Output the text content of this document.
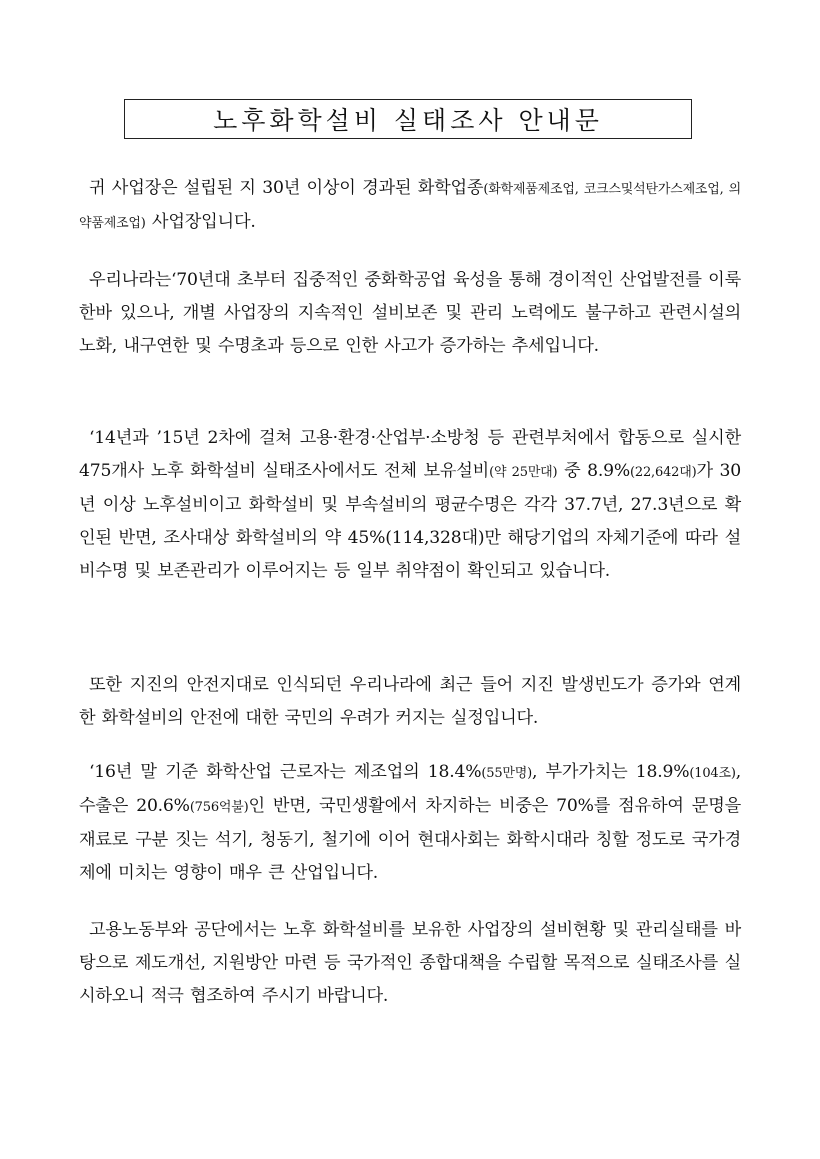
노후화학설비 실태조사 안내문

귀 사업장은 설립된 지 30년 이상이 경과된 화학업종(화학제품제조업, 코크스및석탄가스제조업, 의약품제조업) 사업장입니다.

우리나라는‘70년대 초부터 집중적인 중화학공업 육성을 통해 경이적인 산업발전를 이룩한바 있으나, 개별 사업장의 지속적인 설비보존 및 관리 노력에도 불구하고 관련시설의 노화, 내구연한 및 수명초과 등으로 인한 사고가 증가하는 추세입니다.

‘14년과 ’15년 2차에 걸쳐 고용·환경·산업부·소방청 등 관련부처에서 합동으로 실시한 475개사 노후 화학설비 실태조사에서도 전체 보유설비(약 25만대) 중 8.9%(22,642대)가 30년 이상 노후설비이고 화학설비 및 부속설비의 평균수명은 각각 37.7년, 27.3년으로 확인된 반면, 조사대상 화학설비의 약 45%(114,328대)만 해당기업의 자체기준에 따라 설비수명 및 보존관리가 이루어지는 등 일부 취약점이 확인되고 있습니다.

또한 지진의 안전지대로 인식되던 우리나라에 최근 들어 지진 발생빈도가 증가와 연계한 화학설비의 안전에 대한 국민의 우려가 커지는 실정입니다.

‘16년 말 기준 화학산업 근로자는 제조업의 18.4%(55만명), 부가가치는 18.9%(104조), 수출은 20.6%(756억불)인 반면, 국민생활에서 차지하는 비중은 70%를 점유하여 문명을 재료로 구분 짓는 석기, 청동기, 철기에 이어 현대사회는 화학시대라 칭할 정도로 국가경제에 미치는 영향이 매우 큰 산업입니다.

고용노동부와 공단에서는 노후 화학설비를 보유한 사업장의 설비현황 및 관리실태를 바탕으로 제도개선, 지원방안 마련 등 국가적인 종합대책을 수립할 목적으로 실태조사를 실시하오니 적극 협조하여 주시기 바랍니다.
